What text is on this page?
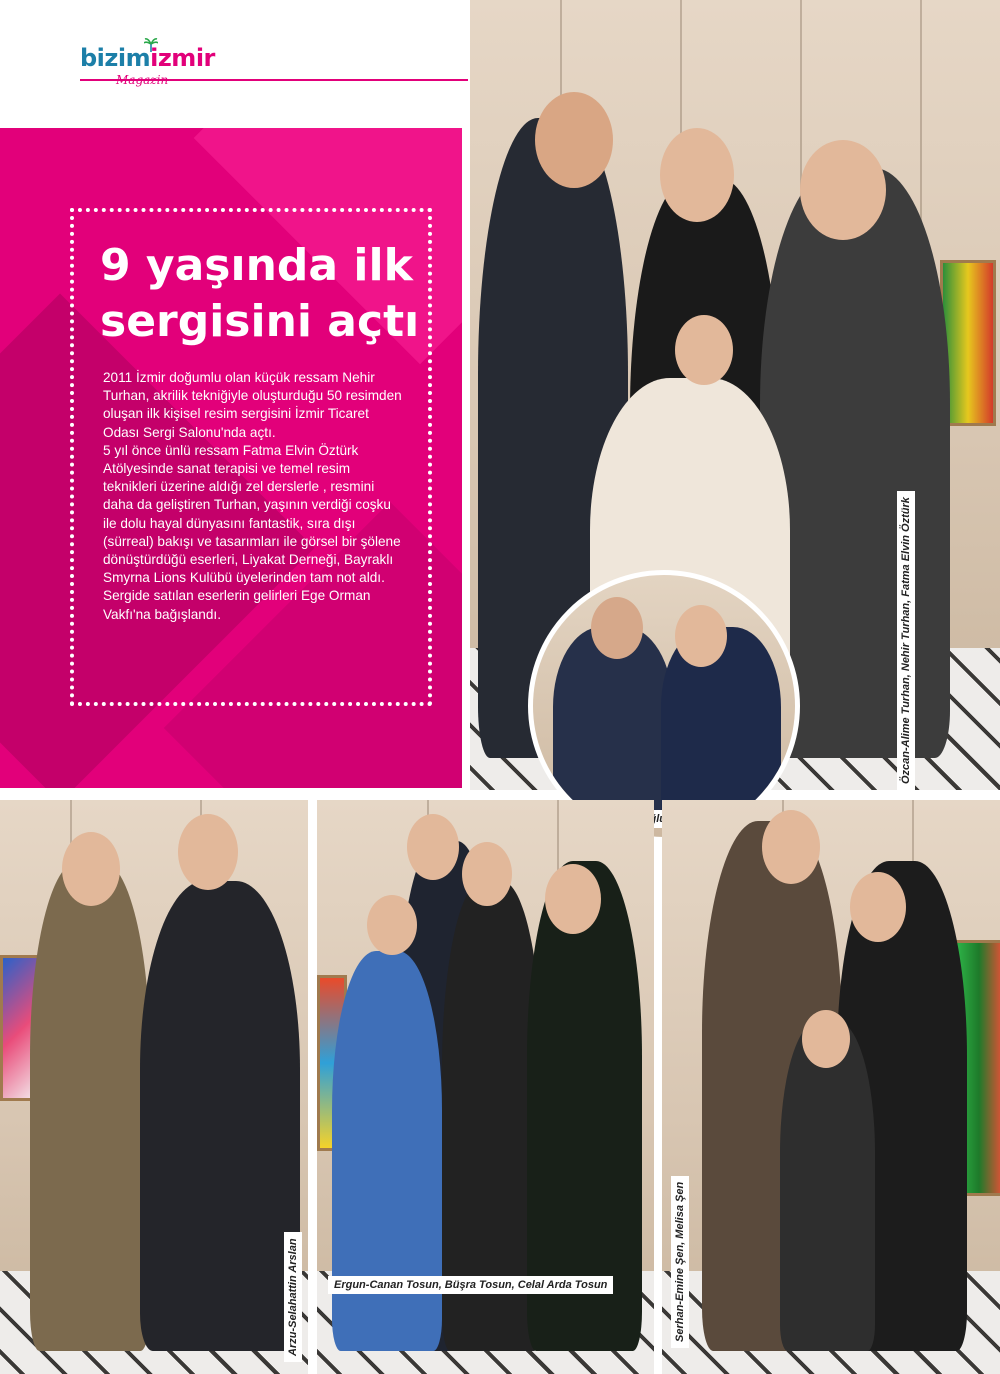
bizimizmir
9 yaşında ilk
sergisini açtı

2011 İzmir doğumlu olan küçük ressam Nehir Turhan, akrilik tekniğiyle oluşturduğu 50 resimden oluşan ilk kişisel resim sergisini İzmir Ticaret Odası Sergi Salonu'nda açtı.

5 yıl önce ünlü ressam Fatma Elvin Öztürk Atölyesinde sanat terapisi ve temel resim teknikleri üzerine aldığı zel derslerle , resmini daha da geliştiren Turhan, yaşının verdiği coşku ile dolu hayal dünyasını fantastik, sıra dışı (sürreal) bakışı ve tasarımları ile görsel bir şölene dönüştürdüğü eserleri, Liyakat Derneği, Bayraklı Smyrna Lions Kulübü üyelerinden tam not aldı. Sergide satılan eserlerin gelirleri Ege Orman Vakfı'na bağışlandı.	Özcan-Alime Turhan, Nehir Turhan, Fatma Elvin Öztürk
Arzu-Selahattin Arslan	Ergun-Canan Tosun, Büşra Tosun, Celal Arda Tosun	Serhan-Emine Şen, Melisa Şen
